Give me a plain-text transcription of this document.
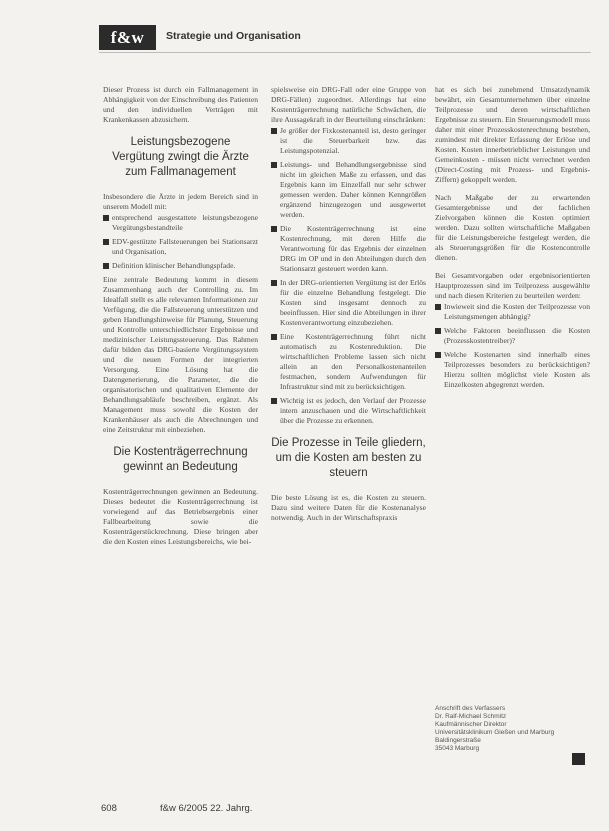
f&w	Strategie und Organisation

Dieser Prozess ist durch ein Fallmanagement in Abhängigkeit von der Einschreibung des Patienten und den individuellen Verträgen mit Krankenkassen abzusichern.

Leistungsbezogene Vergütung zwingt die Ärzte zum Fallmanagement

Insbesondere die Ärzte in jedem Bereich sind in unserem Modell mit:

entsprechend ausgestattete leistungsbezogene Vergütungsbestandteile
EDV-gestützte Fallsteuerungen bei Stationsarzt und Organisation,
Definition klinischer Behandlungspfade.

Eine zentrale Bedeutung kommt in diesem Zusammenhang auch der Controlling zu. Im Idealfall stellt es alle relevanten Informationen zur Verfügung, die die Fallsteuerung unterstützen und geben Handlungshinweise für Planung, Steuerung und Kontrolle unterschiedlichster Ergebnisse und medizinischer Leistungssteuerung. Das Rahmen dafür bilden das DRG-basierte Vergütungssystem und die neuen Formen der integrierten Versorgung. Eine Lösung hat die Datengenerierung, die Parameter, die die organisatorischen und qualitativen Elemente der Behandlungsabläufe beschreiben, ergänzt. Als Management muss sowohl die Kosten der Krankenhäuser als auch die Abrechnungen und eine Zeitstruktur mit einbeziehen.

Die Kostenträgerrechnung gewinnt an Bedeutung

Kostenträgerrechnungen gewinnen an Bedeutung. Dieses bedeutet die Kostenträgerrechnung ist vorwiegend auf das Betriebsergebnis einer Fallbearbeitung sowie die Kostenträgerstückrechnung. Diese bringen aber die den Kosten eines Leistungsbereichs, wie bei-

spielsweise ein DRG-Fall oder eine Gruppe von DRG-Fällen) zugeordnet. Allerdings hat eine Kostenträgerrechnung natürliche Schwächen, die ihre Aussagekraft in der Beurteilung einschränken:

Je größer der Fixkostenanteil ist, desto geringer ist die Steuerbarkeit bzw. das Leistungspotenzial.
Leistungs- und Behandlungsergebnisse sind nicht im gleichen Maße zu erfassen, und das Ergebnis kann im Einzelfall nur sehr schwer gemessen werden. Daher können Kenngrößen ergänzend hinzugezogen und ausgewertet werden.
Die Kostenträgerrechnung ist eine Kostenrechnung, mit deren Hilfe die Verantwortung für das Ergebnis der einzelnen DRG im OP und in den Abteilungen durch den Stationsarzt gesteuert werden kann.
In der DRG-orientierten Vergütung ist der Erlös für die einzelne Behandlung festgelegt. Die Kosten sind insgesamt dennoch zu beeinflussen. Hier sind die Abteilungen in ihrer Kostenverantwortung einzubeziehen.
Eine Kostenträgerrechnung führt nicht automatisch zu Kostenreduktion. Die wirtschaftlichen Probleme lassen sich nicht allein an den Personalkostenanteilen festmachen, sondern Aufwendungen für Infrastruktur sind mit zu berücksichtigen.
Wichtig ist es jedoch, den Verlauf der Prozesse intern anzuschauen und die Wirtschaftlichkeit über die Prozesse zu erkennen.
Die Prozesse in Teile gliedern, um die Kosten am besten zu steuern

Die beste Lösung ist es, die Kosten zu steuern. Dazu sind weitere Daten für die Kostenanalyse notwendig. Auch in der Wirtschaftspraxis

hat es sich bei zunehmend Umsatzdynamik bewährt, ein Gesamtunternehmen über einzelne Teilprozesse und deren wirtschaftlichen Ergebnisse zu steuern. Ein Steuerungsmodell muss daher mit einer Prozesskostenrechnung bestehen, zumindest mit direkter Erfassung der Erlöse und Kosten. Kosten innerbetrieblicher Leistungen und Gemeinkosten - müssen nicht verrechnet werden (Direct-Costing mit Prozess- und Ergebnis-Ziffern) gekoppelt werden.

Nach Maßgabe der zu erwartenden Gesamtergebnisse und der fachlichen Zielvorgaben können die Kosten optimiert werden. Dazu sollten wirtschaftliche Maßgaben für die Leistungsbereiche festgelegt werden, die als Steuerungsgrößen für die Kostencontrolle dienen.

Bei Gesamtvorgaben oder ergebnisorientierten Hauptprozessen sind im Teilprozess ausgewählte und nach diesen Kriterien zu beurteilen werden:

Inwieweit sind die Kosten der Teilprozesse von Leistungsmengen abhängig?
Welche Faktoren beeinflussen die Kosten (Prozesskostentreiber)?
Welche Kostenarten sind innerhalb eines Teilprozesses besonders zu berücksichtigen? Hierzu sollten möglichst viele Kosten als Einzelkosten abgegrenzt werden.
Anschrift des Verfassers
Dr. Ralf-Michael Schmitz
Kaufmännischer Direktor
Universitätsklinikum Gießen und Marburg
Baldingerstraße
35043 Marburg
608	f&w 6/2005 22. Jahrg.
